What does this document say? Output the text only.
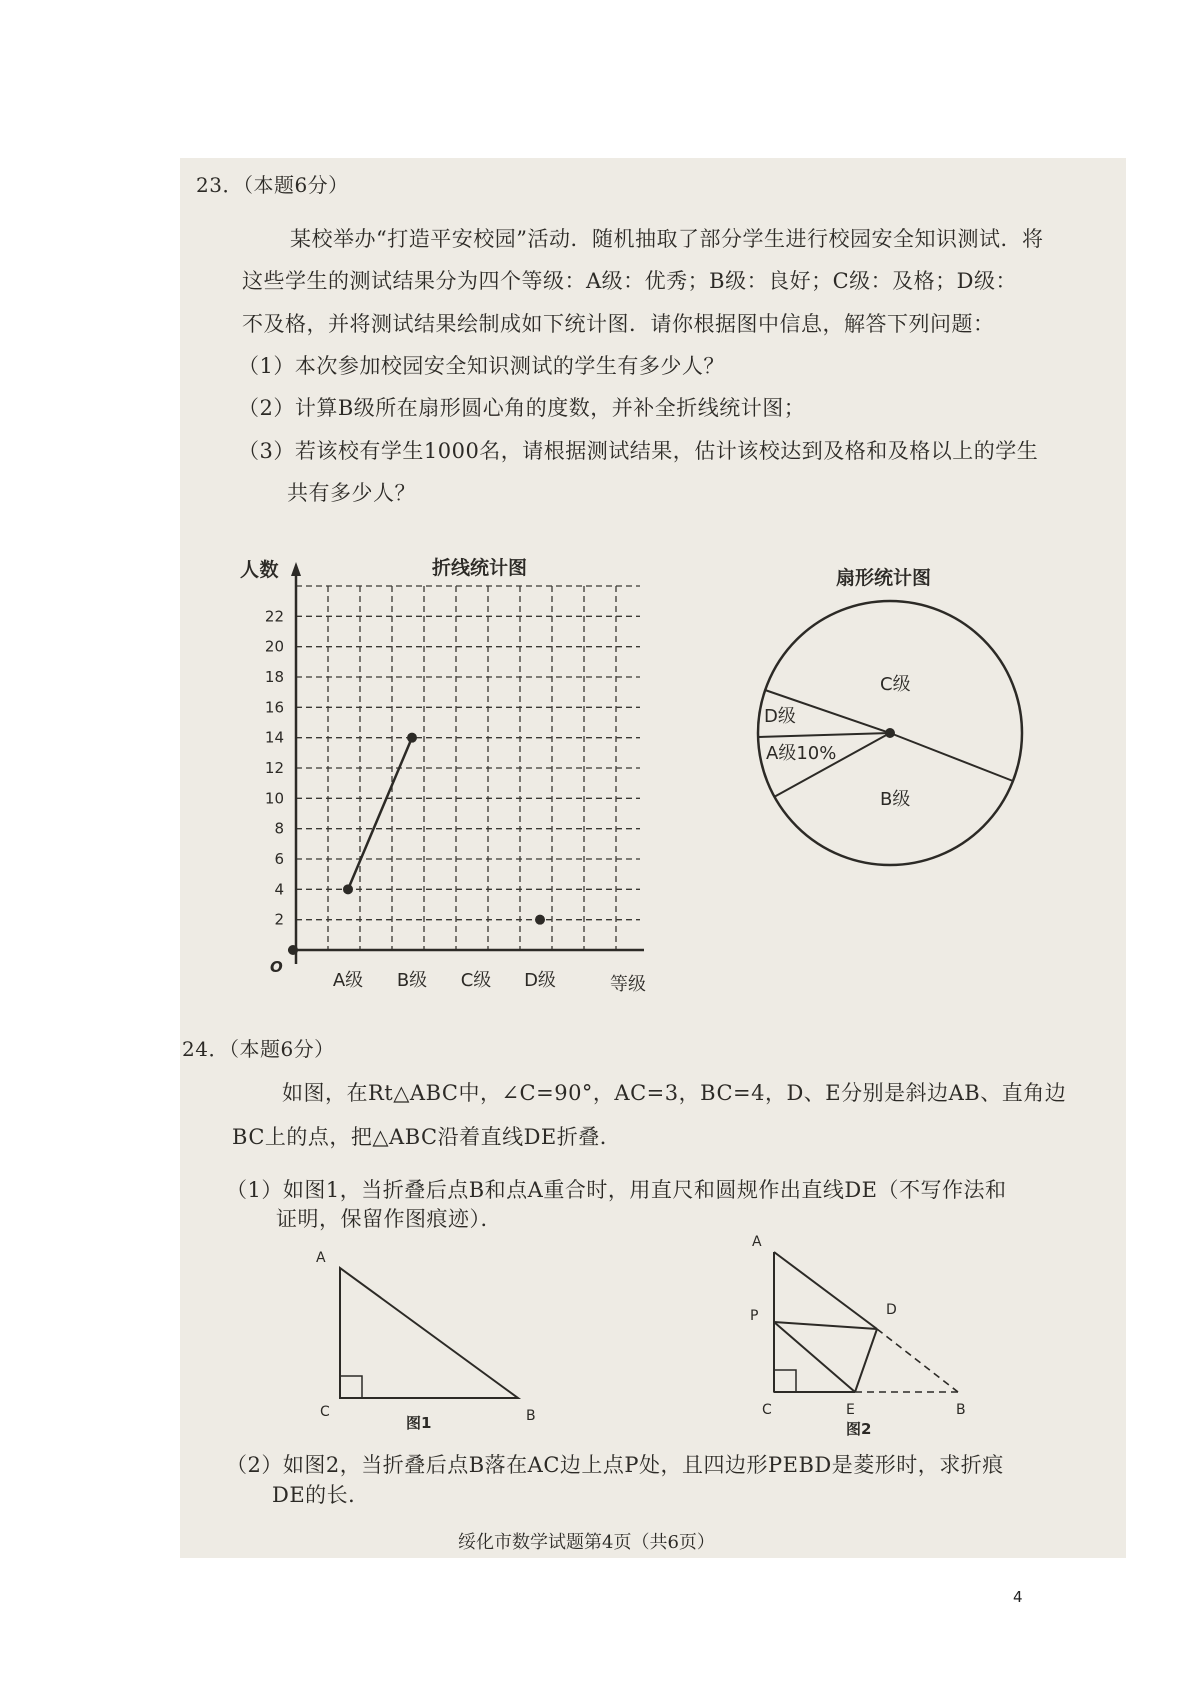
23．（本题6分）
某校举办“打造平安校园”活动．随机抽取了部分学生进行校园安全知识测试．将
这些学生的测试结果分为四个等级：A级：优秀；B级：良好；C级：及格；D级：
不及格，并将测试结果绘制成如下统计图．请你根据图中信息，解答下列问题：
（1）本次参加校园安全知识测试的学生有多少人？
（2）计算B级所在扇形圆心角的度数，并补全折线统计图；
（3）若该校有学生1000名，请根据测试结果，估计该校达到及格和及格以上的学生
共有多少人？
折线统计图
人数
2
4
6
8
10
12
14
16
18
20
22
O
A级 B级 C级 D级	等级
扇形统计图
C级
D级
A级10%
B级
24．（本题6分）
如图，在Rt△ABC中，∠C=90°，AC=3，BC=4，D、E分别是斜边AB、直角边
BC上的点，把△ABC沿着直线DE折叠．
（1）如图1，当折叠后点B和点A重合时，用直尺和圆规作出直线DE（不写作法和
证明，保留作图痕迹）．
A
C	B
图1
A
P	D
C	E	B
图2
（2）如图2，当折叠后点B落在AC边上点P处，且四边形PEBD是菱形时，求折痕
DE的长．
绥化市数学试题第4页（共6页）
4
